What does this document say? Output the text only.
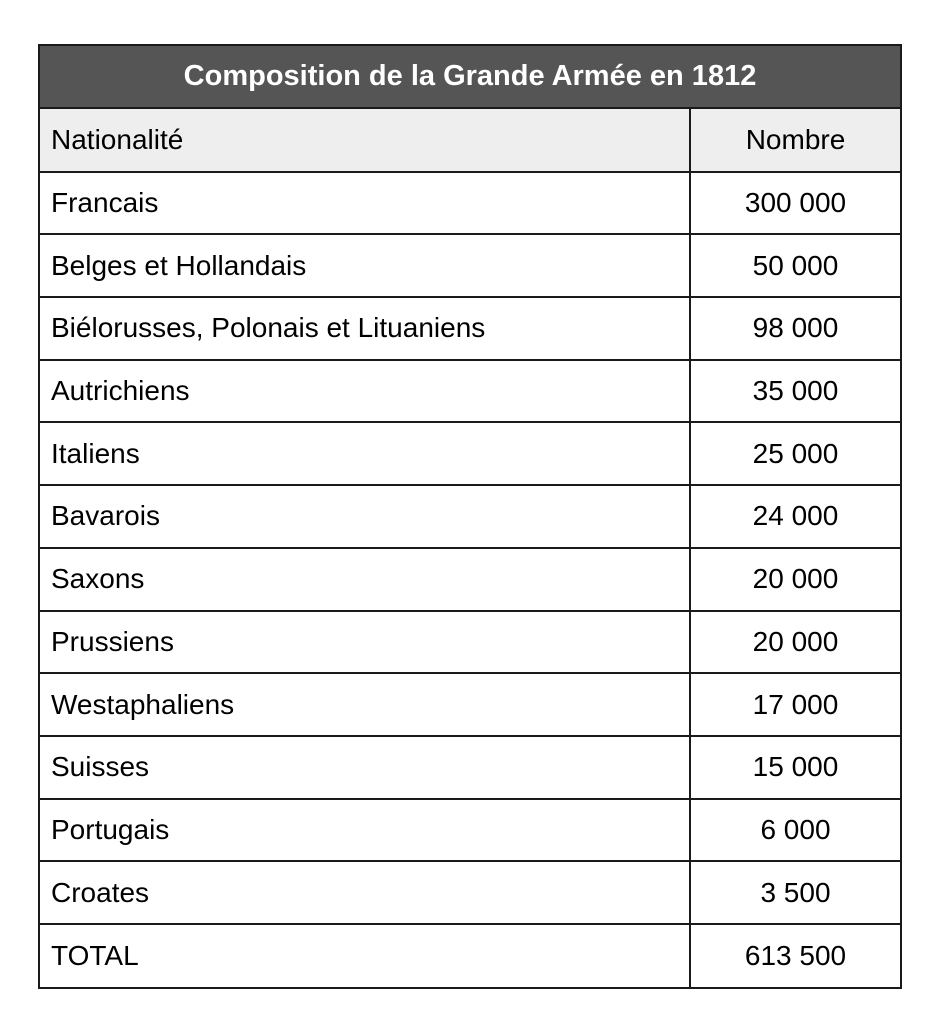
Composition de la Grande Armée en 1812
Nationalité	Nombre
Francais	300 000
Belges et Hollandais	50 000
Biélorusses, Polonais et Lituaniens	98 000
Autrichiens	35 000
Italiens	25 000
Bavarois	24 000
Saxons	20 000
Prussiens	20 000
Westaphaliens	17 000
Suisses	15 000
Portugais	6 000
Croates	3 500
TOTAL	613 500
